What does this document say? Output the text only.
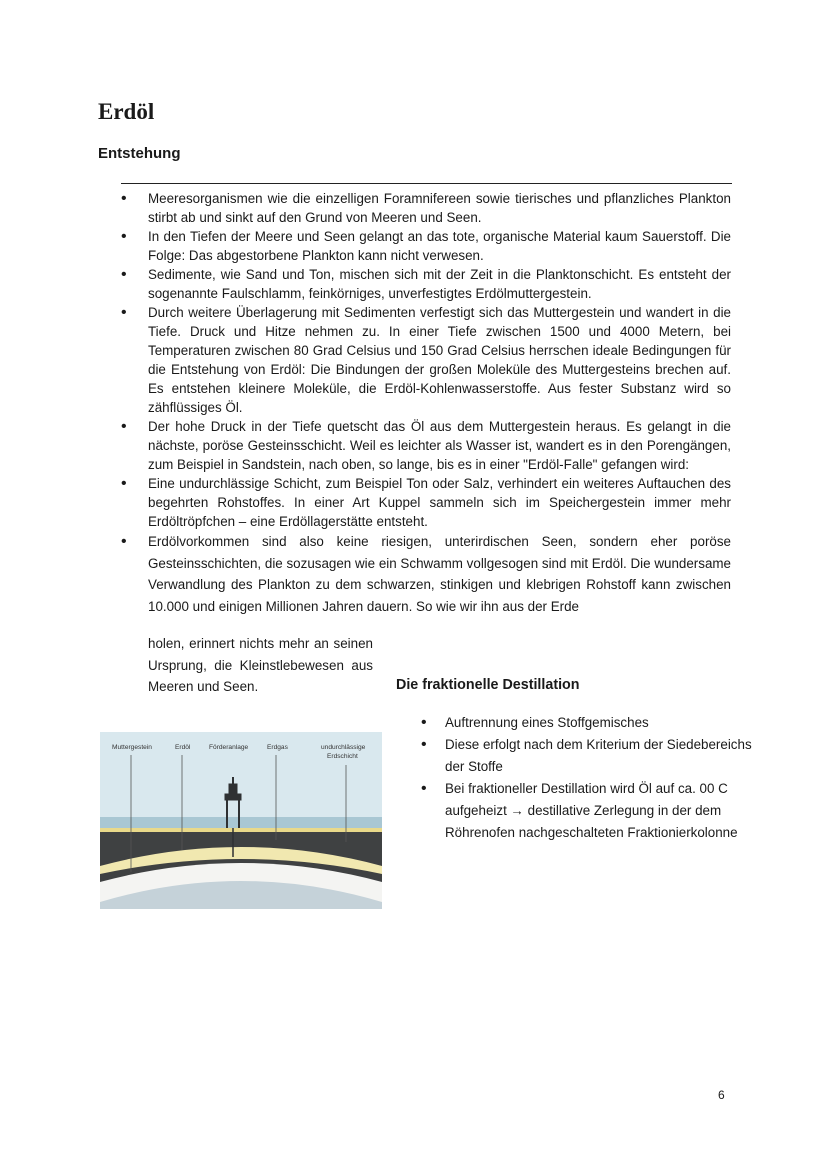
Erdöl
Entstehung
• Meeresorganismen wie die einzelligen Foramnifereen sowie tierisches und pflanzliches Plankton stirbt ab und sinkt auf den Grund von Meeren und Seen.
• In den Tiefen der Meere und Seen gelangt an das tote, organische Material kaum Sauerstoff. Die Folge: Das abgestorbene Plankton kann nicht verwesen.
• Sedimente, wie Sand und Ton, mischen sich mit der Zeit in die Planktonschicht. Es entsteht der sogenannte Faulschlamm, feinkörniges, unverfestigtes Erdölmuttergestein.
• Durch weitere Überlagerung mit Sedimenten verfestigt sich das Muttergestein und wandert in die Tiefe. Druck und Hitze nehmen zu. In einer Tiefe zwischen 1500 und 4000 Metern, bei Temperaturen zwischen 80 Grad Celsius und 150 Grad Celsius herrschen ideale Bedingungen für die Entstehung von Erdöl: Die Bindungen der großen Moleküle des Muttergesteins brechen auf. Es entstehen kleinere Moleküle, die Erdöl-Kohlenwasserstoffe. Aus fester Substanz wird so zähflüssiges Öl.
• Der hohe Druck in der Tiefe quetscht das Öl aus dem Muttergestein heraus. Es gelangt in die nächste, poröse Gesteinsschicht. Weil es leichter als Wasser ist, wandert es in den Porengängen, zum Beispiel in Sandstein, nach oben, so lange, bis es in einer "Erdöl-Falle" gefangen wird:
• Eine undurchlässige Schicht, zum Beispiel Ton oder Salz, verhindert ein weiteres Auftauchen des begehrten Rohstoffes. In einer Art Kuppel sammeln sich im Speichergestein immer mehr Erdöltröpfchen – eine Erdöllagerstätte entsteht.
• Erdölvorkommen sind also keine riesigen, unterirdischen Seen, sondern eher poröse Gesteinsschichten, die sozusagen wie ein Schwamm vollgesogen sind mit Erdöl. Die wundersame Verwandlung des Plankton zu dem schwarzen, stinkigen und klebrigen Rohstoff kann zwischen 10.000 und einigen Millionen Jahren dauern. So wie wir ihn aus der Erde

holen, erinnert nichts mehr an seinen Ursprung, die Kleinstlebewesen aus Meeren und Seen.	Die fraktionelle Destillation
• Auftrennung eines Stoffgemisches
• Diese erfolgt nach dem Kriterium der Siedebereichs der Stoffe
• Bei fraktioneller Destillation wird Öl auf ca. 00 C aufgeheizt → destillative Zerlegung in der dem Röhrenofen nachgeschalteten Fraktionierkolonne
Muttergestein	Erdöl	Förderanlage	Erdgas	undurchlässige
Erdschicht
6
